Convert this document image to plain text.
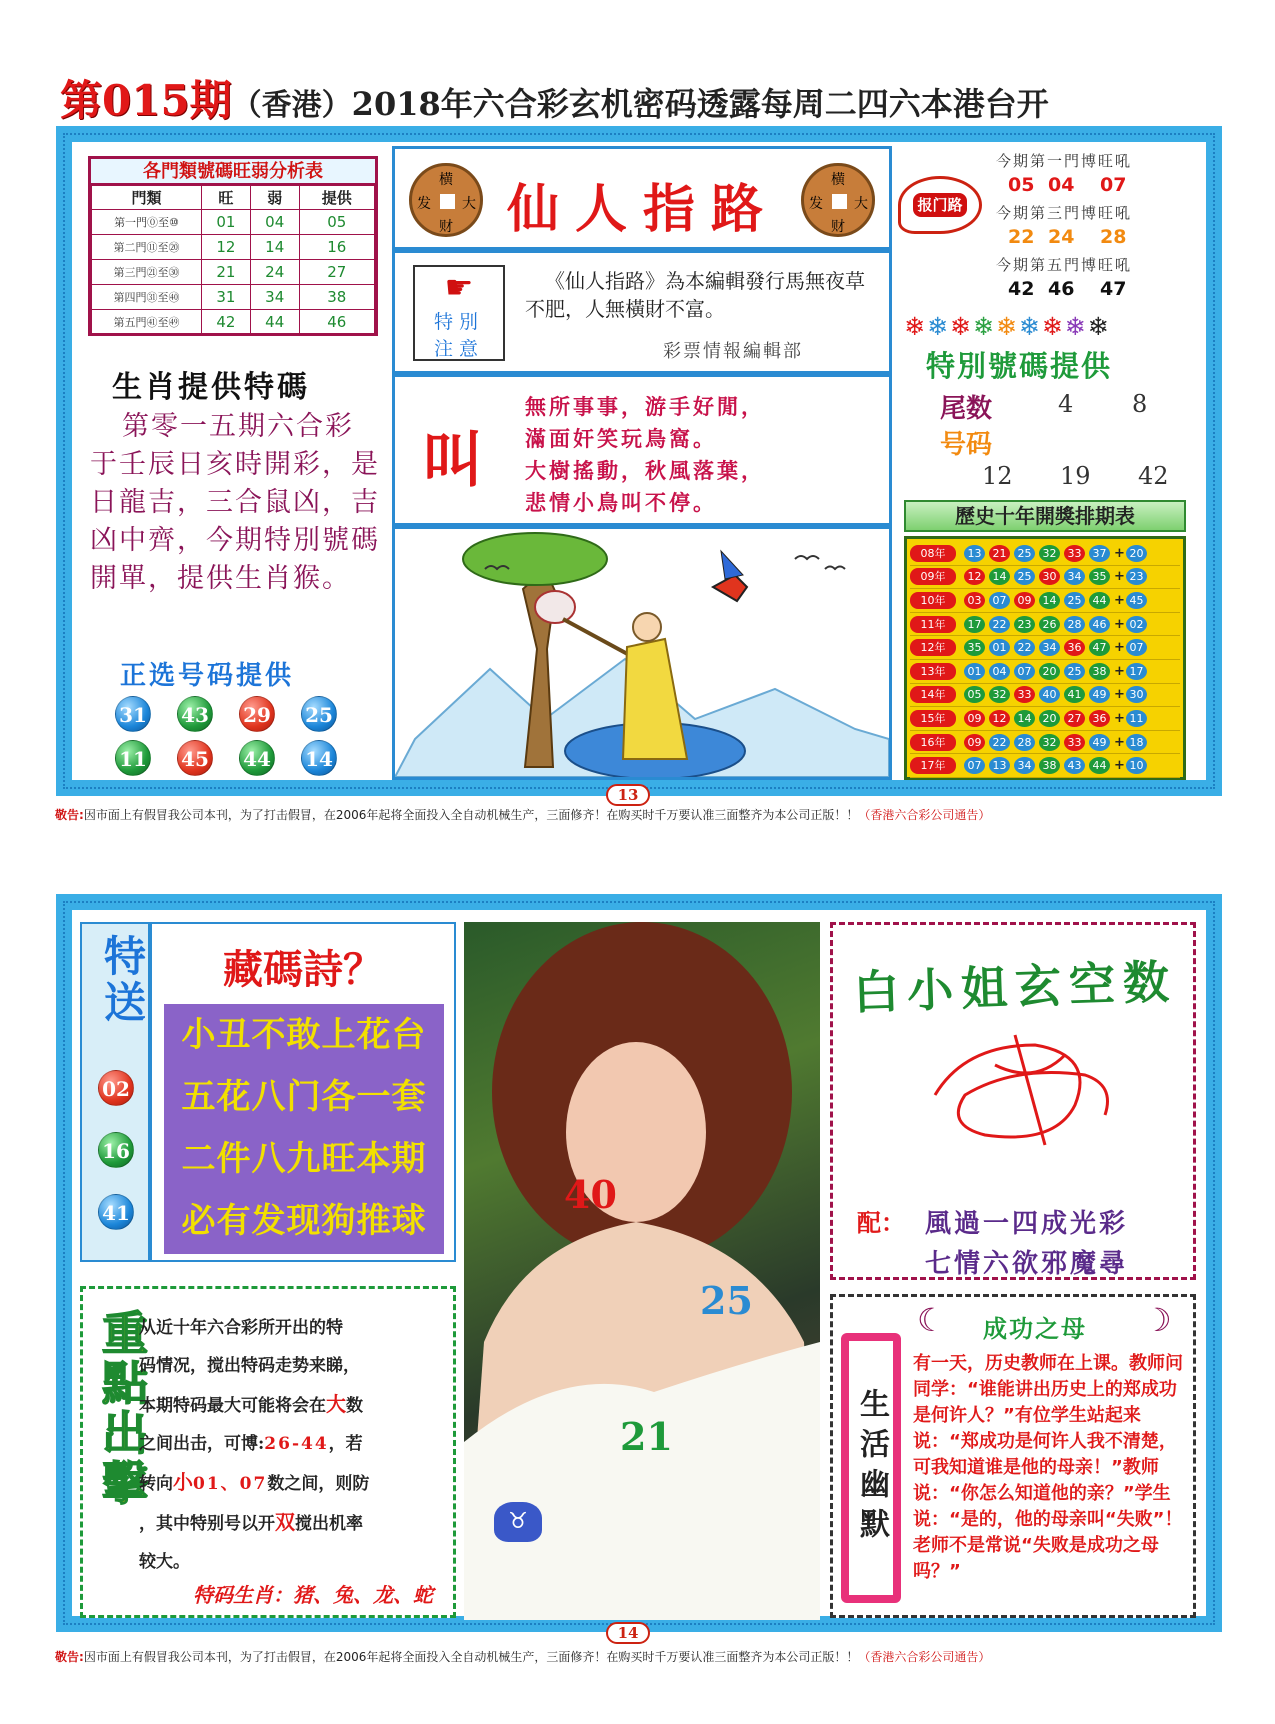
第015期（香港）2018年六合彩玄机密码透露每周二四六本港台开
各門類號碼旺弱分析表
門類	旺	弱	提供
第一門⓪至⑩	01	04	05
第二門⑪至⑳	12	14	16
第三門㉑至㉚	21	24	27
第四門㉛至㊵	31	34	38
第五門㊶至㊾	42	44	46
生肖提供特碼
第零一五期六合彩于壬辰日亥時開彩，是日龍吉，三合鼠凶，吉凶中齊，今期特別號碼開單，提供生肖猴。
正选号码提供
31 43 29 25
11 45 44 14
横
发 大
财 仙人指路	横
发 大
财
☛
特別
注意
《仙人指路》為本編輯發行馬無夜草不肥，人無橫財不富。
彩票情報編輯部
叫
無所事事，游手好閒，
滿面奸笑玩鳥窩。
大樹搖動，秋風落葉，
悲情小鳥叫不停。
报门路
今期第一門博旺吼
05 04 07
今期第三門博旺吼
22 24 28
今期第五門博旺吼
42 46 47
❄❄❄❄❄❄❄❄❄
特別號碼提供
尾数	4 8
号码
12 19 42
歷史十年開獎排期表
08年	13	21	25	32	33	37 + 20
09年	12	14	25	30	34	35 + 23
10年	03	07	09	14	25	44 + 45
11年	17	22	23	26	28	46 + 02
12年	35	01	22	34	36	47 + 07
13年	01	04	07	20	25	38 + 17
14年	05	32	33	40	41	49 + 30
15年	09	12	14	20	27	36 + 11
16年	09	22	28	32	33	49 + 18
17年	07	13	34	38	43	44 + 10
13
敬告:因市面上有假冒我公司本刊，为了打击假冒，在2006年起将全面投入全自动机械生产，三面修齐！在购买时千万要认准三面整齐为本公司正版！！（香港六合彩公司通告）
特送
02
16
41
藏碼詩？
小丑不敢上花台
五花八门各一套
二件八九旺本期
必有发现狗推球
40
25
21
♉
白小姐玄空数
配： 風過一四成光彩
七情六欲邪魔尋
重點出擊
从近十年六合彩所开出的特
码情况，搅出特码走势来睇，
本期特码最大可能将会在大数
之间出击，可博:26-44，若
转向小01、07数之间，则防
，其中特别号以开双搅出机率
较大。
特码生肖：猪、兔、龙、蛇
生活幽默
☾ 成功之母 ☽
有一天，历史教师在上课。教师问同学：“谁能讲出历史上的郑成功是何许人？”有位学生站起来说：“郑成功是何许人我不清楚，可我知道谁是他的母亲！”教师说：“你怎么知道他的亲？”学生说：“是的，他的母亲叫“失败”！老师不是常说“失败是成功之母吗？”
14
敬告:因市面上有假冒我公司本刊，为了打击假冒，在2006年起将全面投入全自动机械生产，三面修齐！在购买时千万要认准三面整齐为本公司正版！！（香港六合彩公司通告）
